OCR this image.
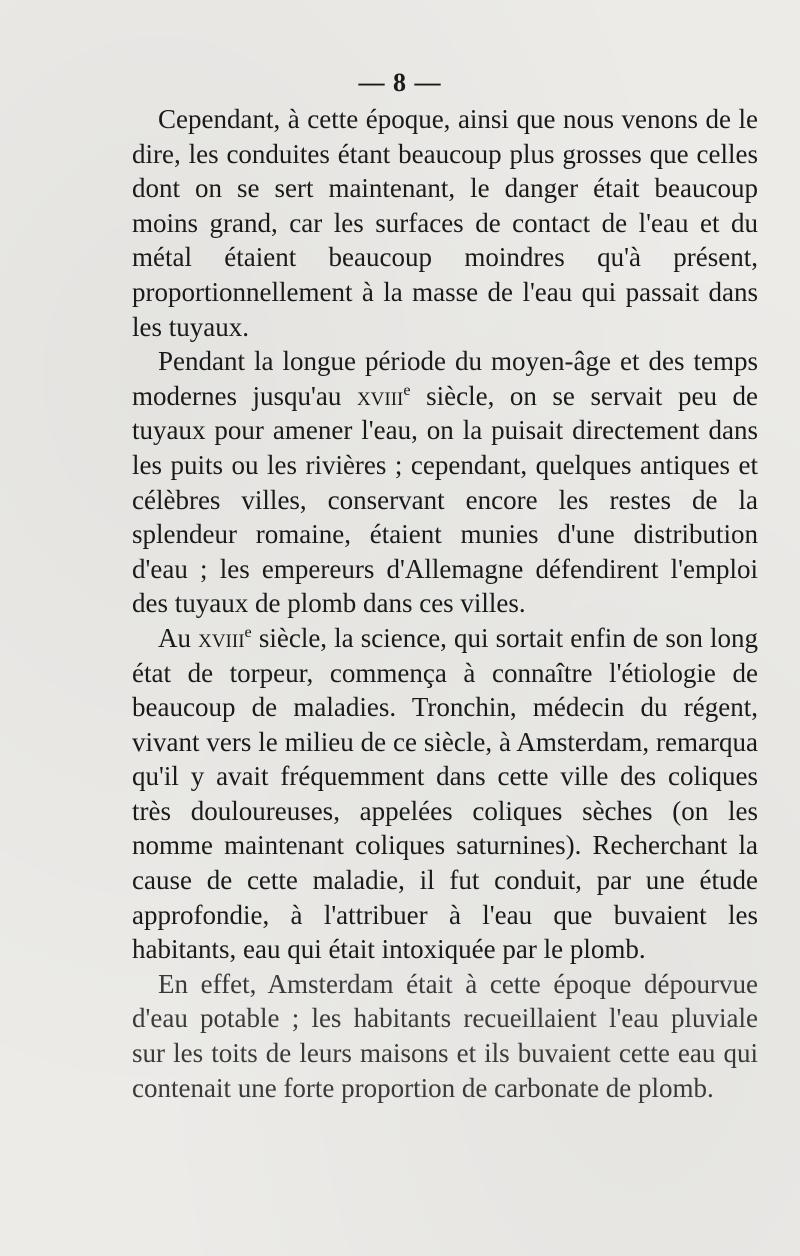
— 8 —

Cependant, à cette époque, ainsi que nous venons de le dire, les conduites étant beaucoup plus grosses que celles dont on se sert maintenant, le danger était beaucoup moins grand, car les surfaces de contact de l'eau et du métal étaient beaucoup moindres qu'à présent, proportionnellement à la masse de l'eau qui passait dans les tuyaux.

Pendant la longue période du moyen-âge et des temps modernes jusqu'au xviii$^e$ siècle, on se servait peu de tuyaux pour amener l'eau, on la puisait directement dans les puits ou les rivières ; cependant, quelques antiques et célèbres villes, conservant encore les restes de la splendeur romaine, étaient munies d'une distribution d'eau ; les empereurs d'Allemagne défendirent l'emploi des tuyaux de plomb dans ces villes.

Au xviii$^e$ siècle, la science, qui sortait enfin de son long état de torpeur, commença à connaître l'étiologie de beaucoup de maladies. Tronchin, médecin du régent, vivant vers le milieu de ce siècle, à Amsterdam, remarqua qu'il y avait fréquemment dans cette ville des coliques très douloureuses, appelées coliques sèches (on les nomme maintenant coliques saturnines). Recherchant la cause de cette maladie, il fut conduit, par une étude approfondie, à l'attribuer à l'eau que buvaient les habitants, eau qui était intoxiquée par le plomb.

En effet, Amsterdam était à cette époque dépourvue d'eau potable ; les habitants recueillaient l'eau pluviale sur les toits de leurs maisons et ils buvaient cette eau qui contenait une forte proportion de carbonate de plomb.
